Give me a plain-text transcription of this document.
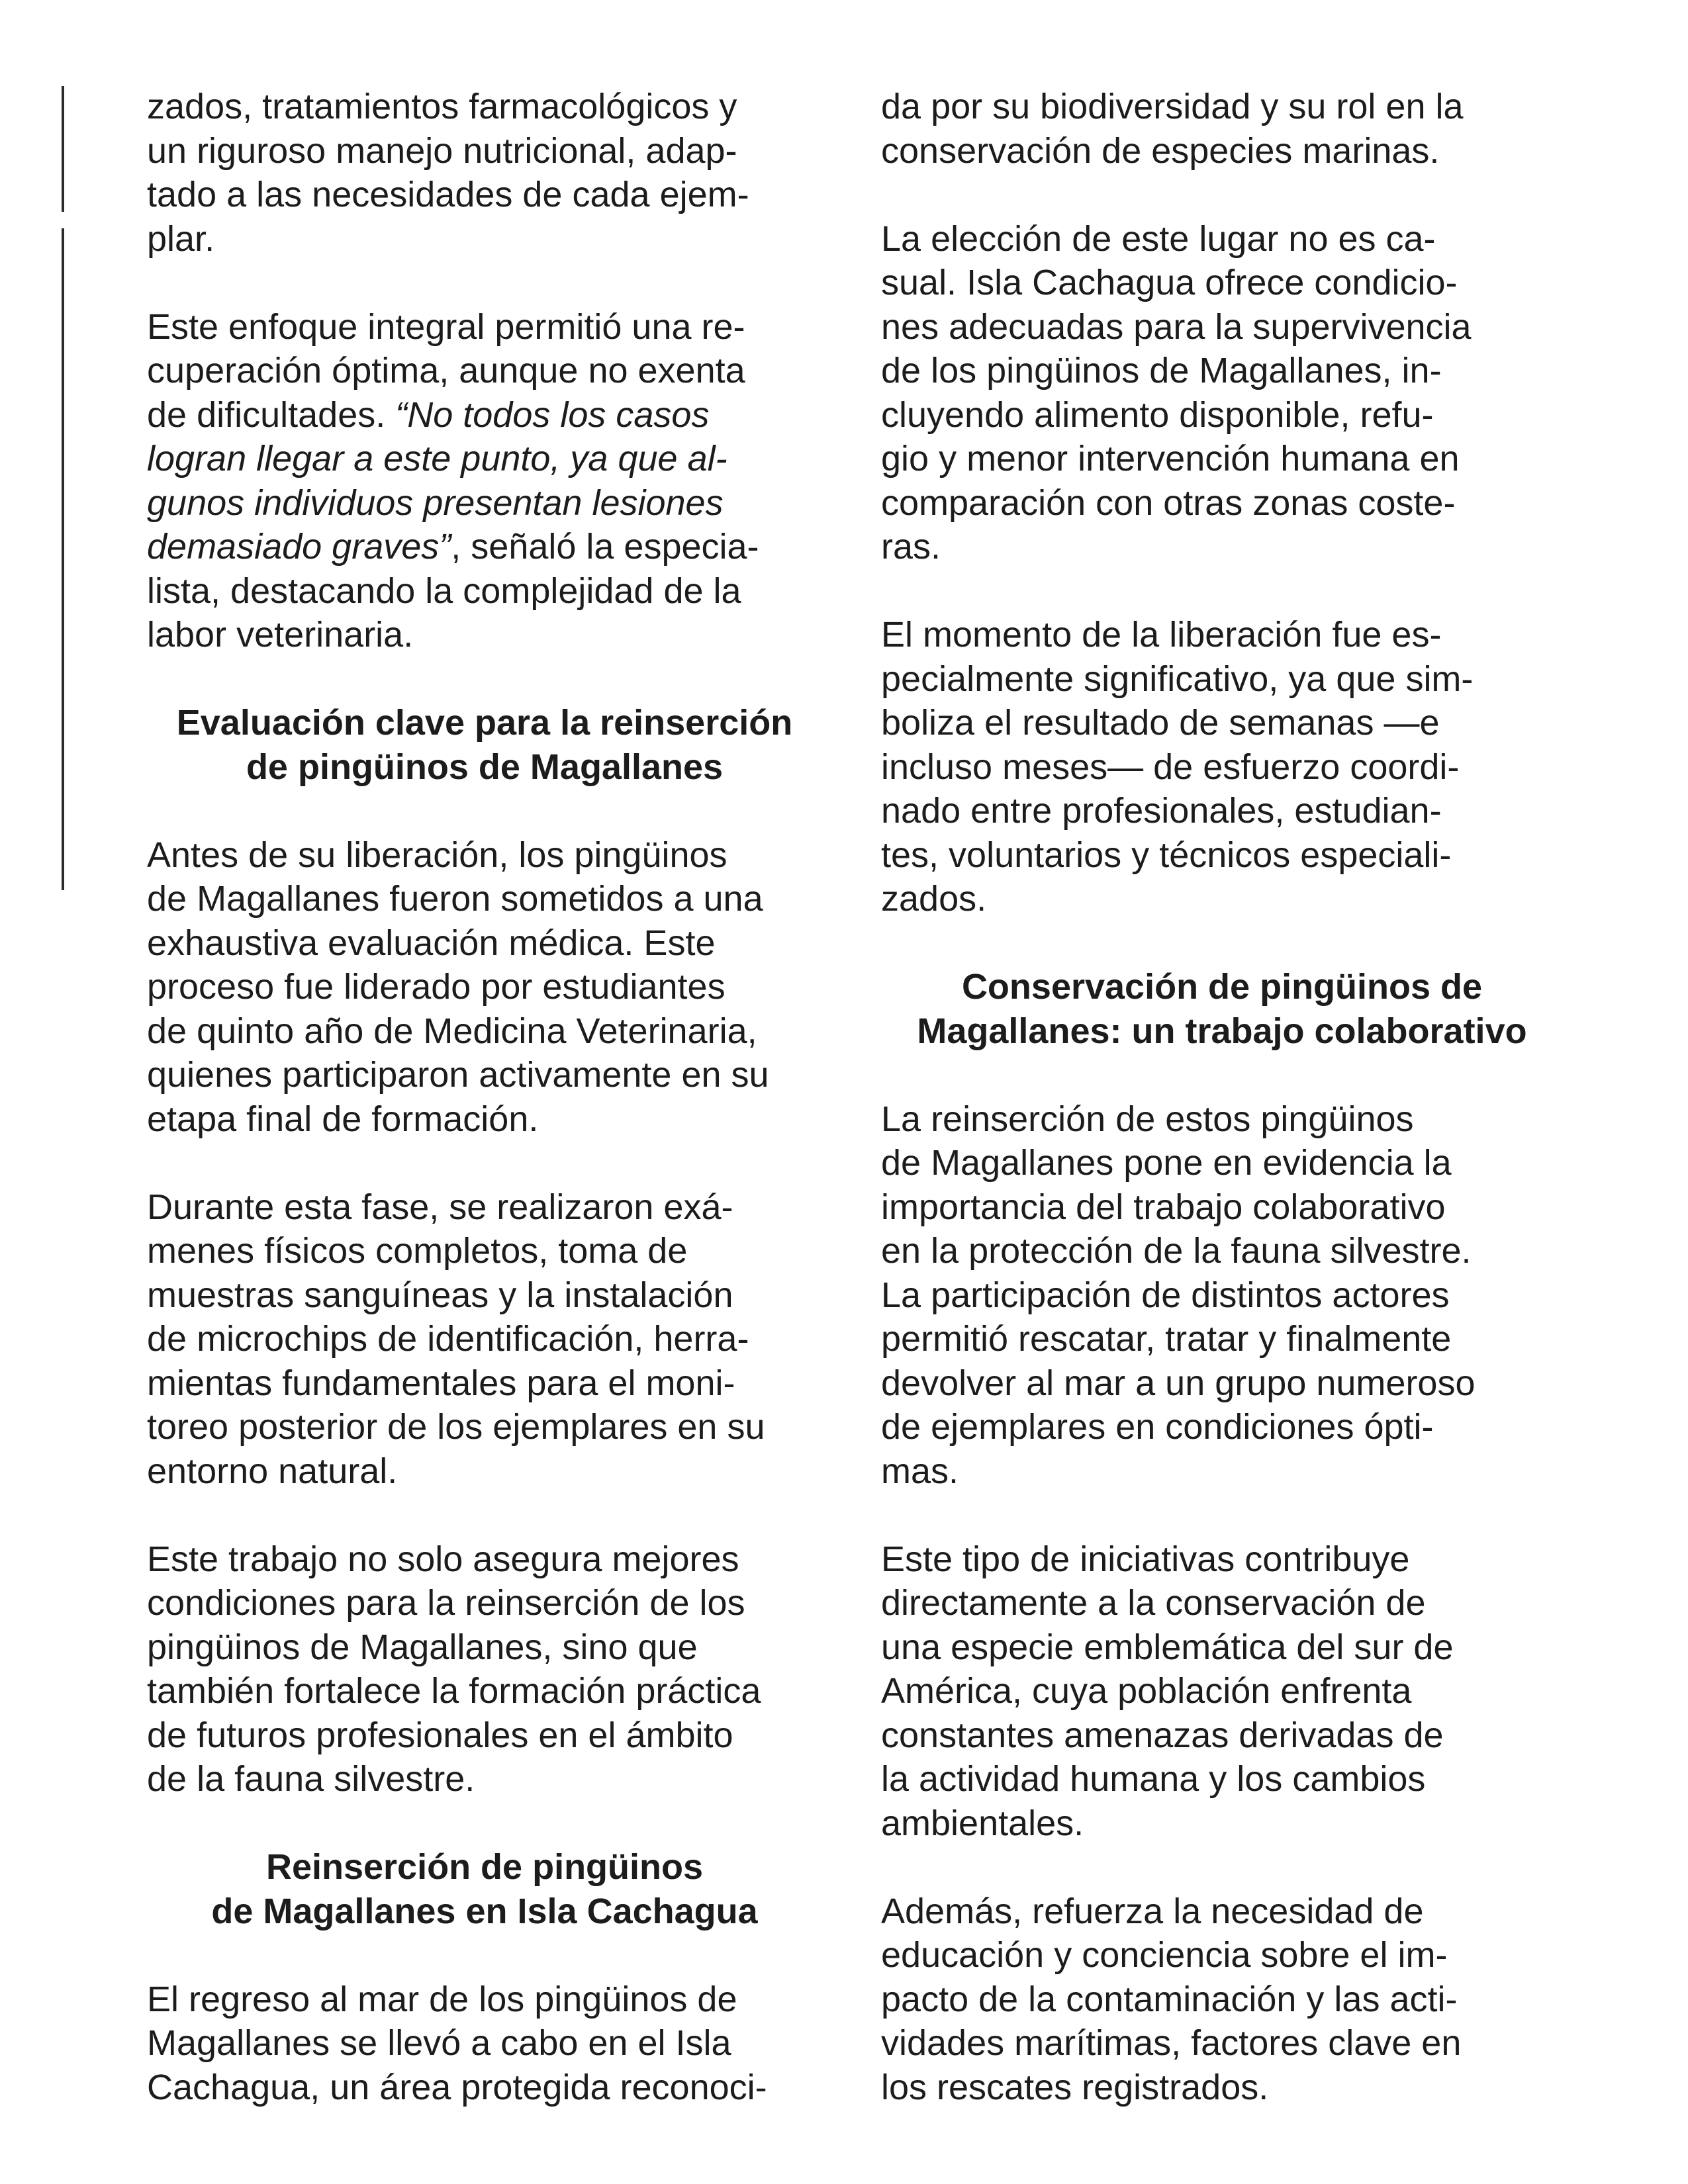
zados, tratamientos farmacológicos y
un riguroso manejo nutricional, adap-
tado a las necesidades de cada ejem-
plar.

Este enfoque integral permitió una re-
cuperación óptima, aunque no exenta
de dificultades. “No todos los casos
logran llegar a este punto, ya que al-
gunos individuos presentan lesiones
demasiado graves”, señaló la especia-
lista, destacando la complejidad de la
labor veterinaria.

Evaluación clave para la reinserción
de pingüinos de Magallanes

Antes de su liberación, los pingüinos
de Magallanes fueron sometidos a una
exhaustiva evaluación médica. Este
proceso fue liderado por estudiantes
de quinto año de Medicina Veterinaria,
quienes participaron activamente en su
etapa final de formación.

Durante esta fase, se realizaron exá-
menes físicos completos, toma de
muestras sanguíneas y la instalación
de microchips de identificación, herra-
mientas fundamentales para el moni-
toreo posterior de los ejemplares en su
entorno natural.

Este trabajo no solo asegura mejores
condiciones para la reinserción de los
pingüinos de Magallanes, sino que
también fortalece la formación práctica
de futuros profesionales en el ámbito
de la fauna silvestre.

Reinserción de pingüinos
de Magallanes en Isla Cachagua

El regreso al mar de los pingüinos de
Magallanes se llevó a cabo en el Isla
Cachagua, un área protegida reconoci-

da por su biodiversidad y su rol en la
conservación de especies marinas.

La elección de este lugar no es ca-
sual. Isla Cachagua ofrece condicio-
nes adecuadas para la supervivencia
de los pingüinos de Magallanes, in-
cluyendo alimento disponible, refu-
gio y menor intervención humana en
comparación con otras zonas coste-
ras.

El momento de la liberación fue es-
pecialmente significativo, ya que sim-
boliza el resultado de semanas —e
incluso meses— de esfuerzo coordi-
nado entre profesionales, estudian-
tes, voluntarios y técnicos especiali-
zados.

Conservación de pingüinos de
Magallanes: un trabajo colaborativo

La reinserción de estos pingüinos
de Magallanes pone en evidencia la
importancia del trabajo colaborativo
en la protección de la fauna silvestre.
La participación de distintos actores
permitió rescatar, tratar y finalmente
devolver al mar a un grupo numeroso
de ejemplares en condiciones ópti-
mas.

Este tipo de iniciativas contribuye
directamente a la conservación de
una especie emblemática del sur de
América, cuya población enfrenta
constantes amenazas derivadas de
la actividad humana y los cambios
ambientales.

Además, refuerza la necesidad de
educación y conciencia sobre el im-
pacto de la contaminación y las acti-
vidades marítimas, factores clave en
los rescates registrados.
